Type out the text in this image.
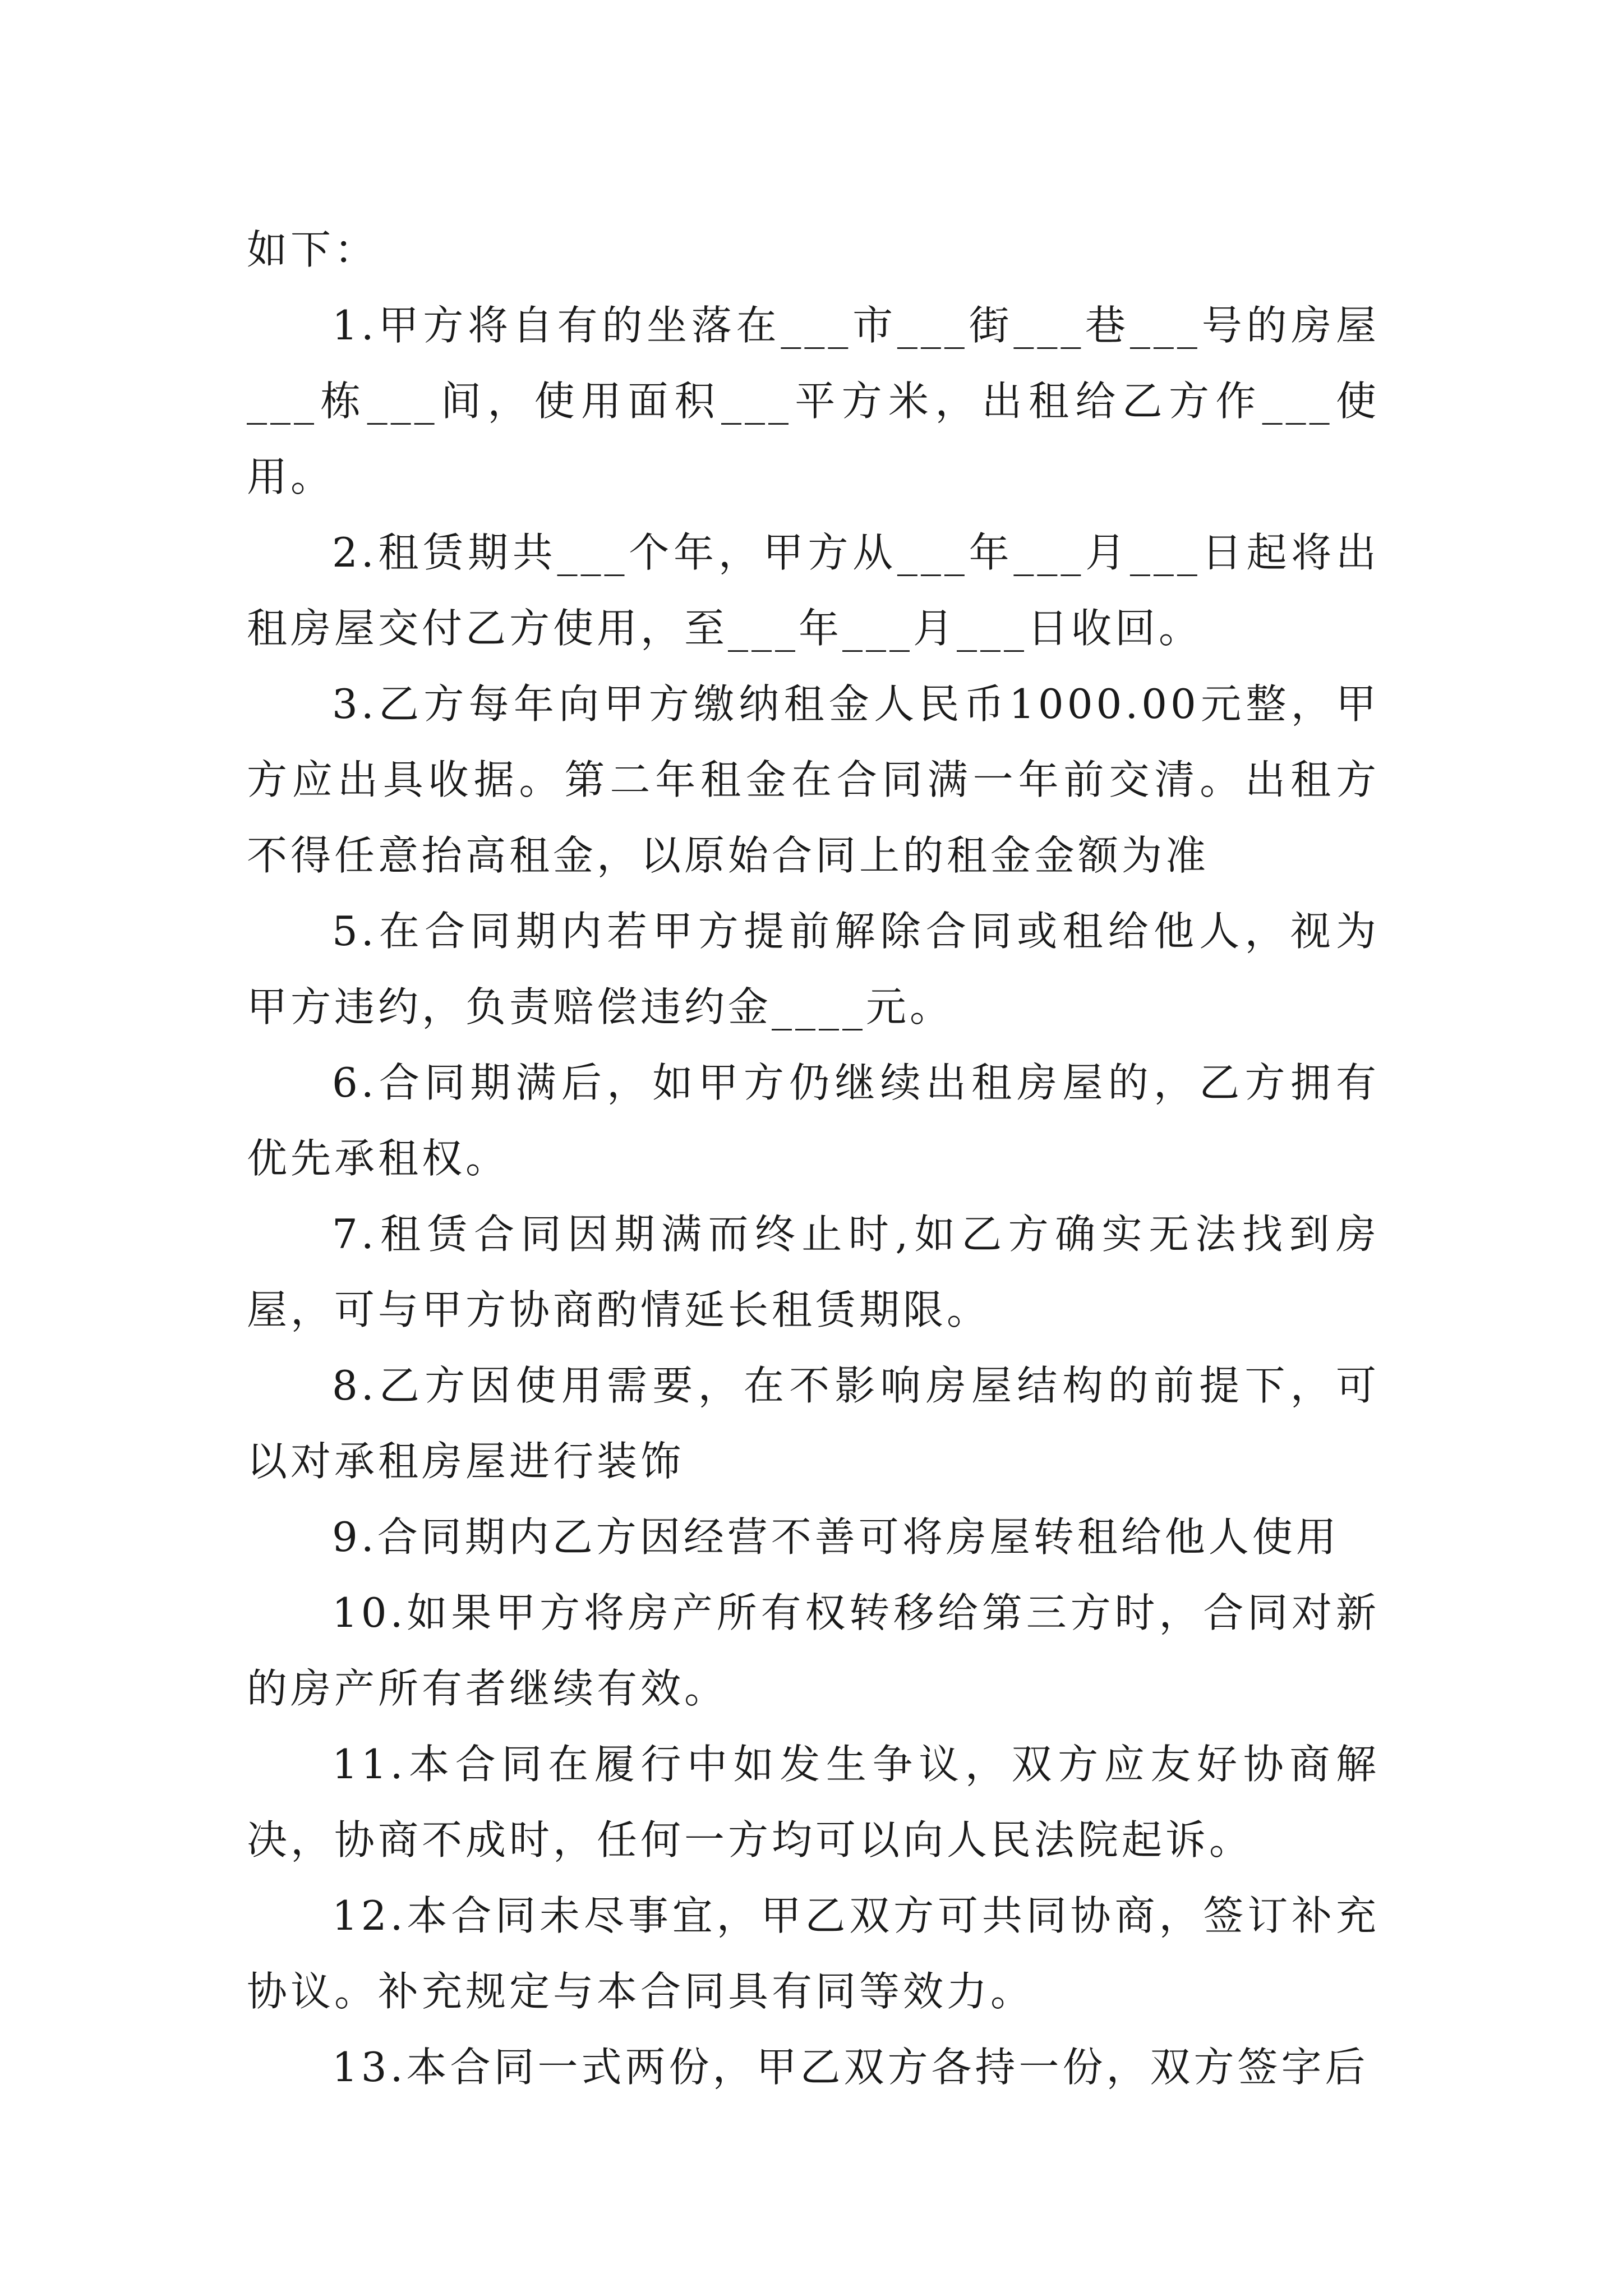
如下：

1.甲方将自有的坐落在___市___街___巷___号的房屋___栋___间，使用面积___平方米，出租给乙方作___使用。

2.租赁期共___个年，甲方从___年___月___日起将出租房屋交付乙方使用，至___年___月___日收回。

3.乙方每年向甲方缴纳租金人民币1000.00元整，甲方应出具收据。第二年租金在合同满一年前交清。出租方不得任意抬高租金，以原始合同上的租金金额为准

5.在合同期内若甲方提前解除合同或租给他人，视为甲方违约，负责赔偿违约金____元。

6.合同期满后，如甲方仍继续出租房屋的，乙方拥有优先承租权。

7.租赁合同因期满而终止时,如乙方确实无法找到房屋，可与甲方协商酌情延长租赁期限。

8.乙方因使用需要，在不影响房屋结构的前提下，可以对承租房屋进行装饰

9.合同期内乙方因经营不善可将房屋转租给他人使用

10.如果甲方将房产所有权转移给第三方时，合同对新的房产所有者继续有效。

11.本合同在履行中如发生争议，双方应友好协商解决，协商不成时，任何一方均可以向人民法院起诉。

12.本合同未尽事宜，甲乙双方可共同协商，签订补充协议。补充规定与本合同具有同等效力。

13.本合同一式两份，甲乙双方各持一份，双方签字后
